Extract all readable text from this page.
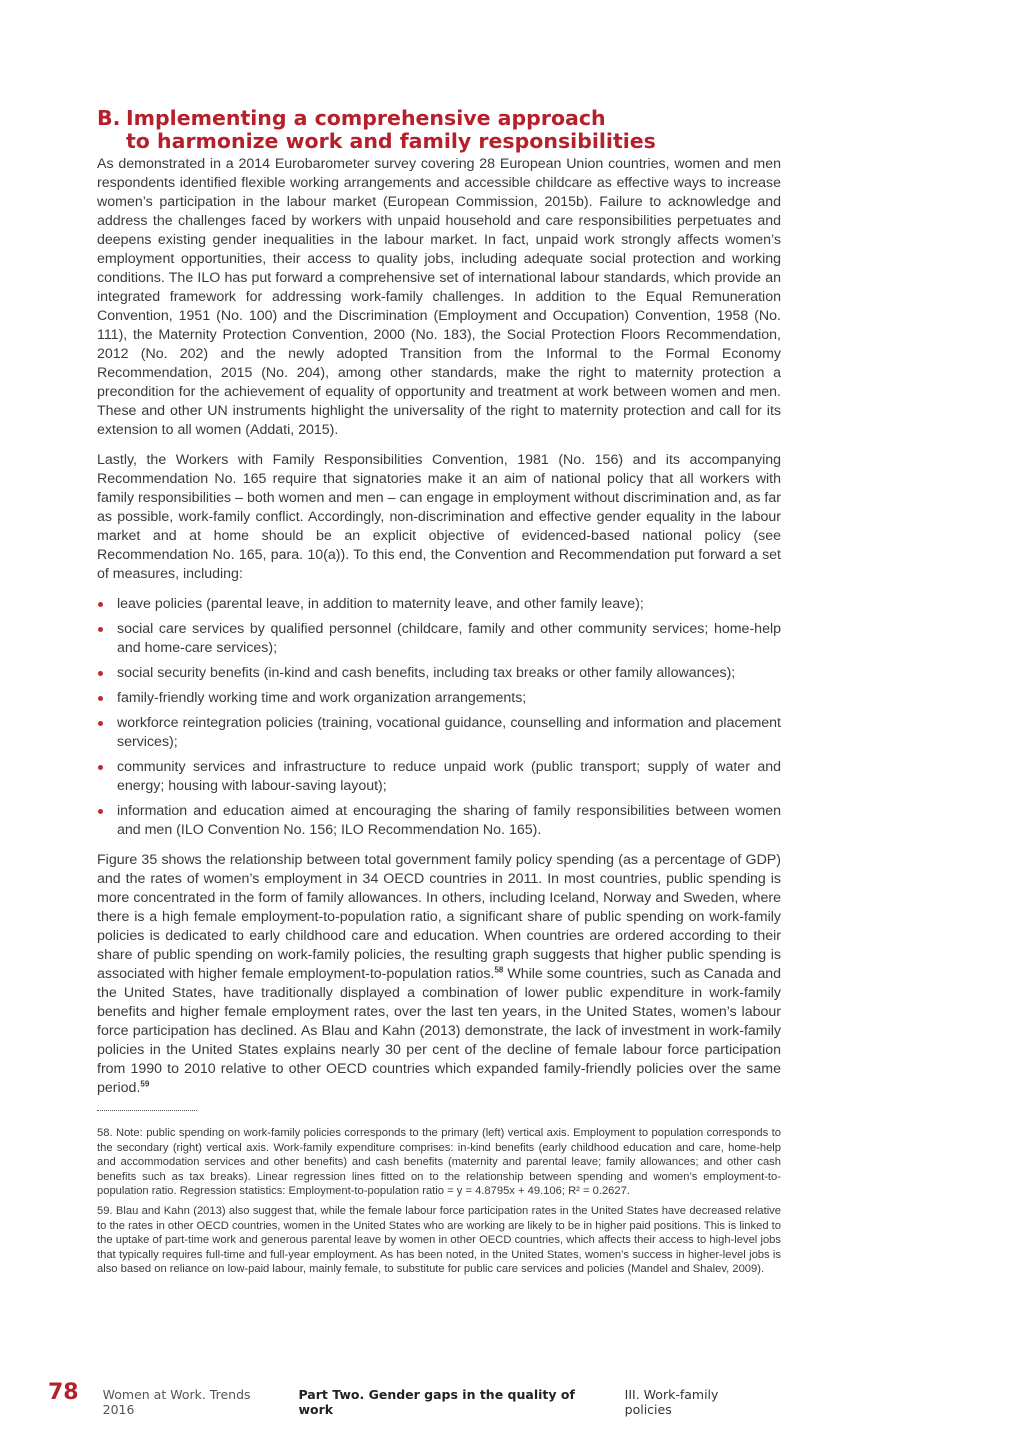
B. Implementing a comprehensive approach
to harmonize work and family responsibilities

As demonstrated in a 2014 Eurobarometer survey covering 28 European Union countries, women and men respondents identified flexible working arrangements and accessible childcare as effective ways to increase women’s participation in the labour market (European Commission, 2015b). Failure to acknowledge and address the challenges faced by workers with unpaid household and care responsibilities perpetuates and deepens existing gender inequalities in the labour market. In fact, unpaid work strongly affects women’s employment opportunities, their access to quality jobs, including adequate social protection and working conditions. The ILO has put forward a comprehensive set of international labour standards, which provide an integrated framework for addressing work-family challenges. In addition to the Equal Remuneration Convention, 1951 (No. 100) and the Discrimination (Employment and Occupation) Convention, 1958 (No. 111), the Maternity Protection Convention, 2000 (No. 183), the Social Protection Floors Recommendation, 2012 (No. 202) and the newly adopted Transition from the Informal to the Formal Economy Recommendation, 2015 (No. 204), among other standards, make the right to maternity protection a precondition for the achievement of equality of opportunity and treatment at work between women and men. These and other UN instruments highlight the universality of the right to maternity protection and call for its extension to all women (Addati, 2015).

Lastly, the Workers with Family Responsibilities Convention, 1981 (No. 156) and its accompanying Recommendation No. 165 require that signatories make it an aim of national policy that all workers with family responsibilities – both women and men – can engage in employment without discrimination and, as far as possible, work-family conflict. Accordingly, non-discrimination and effective gender equality in the labour market and at home should be an explicit objective of evidenced-based national policy (see Recommendation No. 165, para. 10(a)). To this end, the Convention and Recommendation put forward a set of measures, including:

leave policies (parental leave, in addition to maternity leave, and other family leave);
social care services by qualified personnel (childcare, family and other community services; home-help and home-care services);
social security benefits (in-kind and cash benefits, including tax breaks or other family allowances);
family-friendly working time and work organization arrangements;
workforce reintegration policies (training, vocational guidance, counselling and information and placement services);
community services and infrastructure to reduce unpaid work (public transport; supply of water and energy; housing with labour-saving layout);
information and education aimed at encouraging the sharing of family responsibilities between women and men (ILO Convention No. 156; ILO Recommendation No. 165).

Figure 35 shows the relationship between total government family policy spending (as a percentage of GDP) and the rates of women’s employment in 34 OECD countries in 2011. In most countries, public spending is more concentrated in the form of family allowances. In others, including Iceland, Norway and Sweden, where there is a high female employment-to-population ratio, a significant share of public spending on work-family policies is dedicated to early childhood care and education. When countries are ordered according to their share of public spending on work-family policies, the resulting graph suggests that higher public spending is associated with higher female employment-to-population ratios.$^{58}$ While some countries, such as Canada and the United States, have traditionally displayed a combination of lower public expenditure in work-family benefits and higher female employment rates, over the last ten years, in the United States, women’s labour force participation has declined. As Blau and Kahn (2013) demonstrate, the lack of investment in work-family policies in the United States explains nearly 30 per cent of the decline of female labour force participation from 1990 to 2010 relative to other OECD countries which expanded family-friendly policies over the same period.$^{59}$

58. Note: public spending on work-family policies corresponds to the primary (left) vertical axis. Employment to population corresponds to the secondary (right) vertical axis. Work-family expenditure comprises: in-kind benefits (early childhood education and care, home-help and accommodation services and other benefits) and cash benefits (maternity and parental leave; family allowances; and other cash benefits such as tax breaks). Linear regression lines fitted on to the relationship between spending and women’s employment-to-population ratio. Regression statistics: Employment-to-population ratio = y = 4.8795x + 49.106; R² = 0.2627.

59. Blau and Kahn (2013) also suggest that, while the female labour force participation rates in the United States have decreased relative to the rates in other OECD countries, women in the United States who are working are likely to be in higher paid positions. This is linked to the uptake of part-time work and generous parental leave by women in other OECD countries, which affects their access to high-level jobs that typically requires full-time and full-year employment. As has been noted, in the United States, women’s success in higher-level jobs is also based on reliance on low-paid labour, mainly female, to substitute for public care services and policies (Mandel and Shalev, 2009).

78 Women at Work. Trends 2016
Part Two. Gender gaps in the quality of work
III. Work-family policies
